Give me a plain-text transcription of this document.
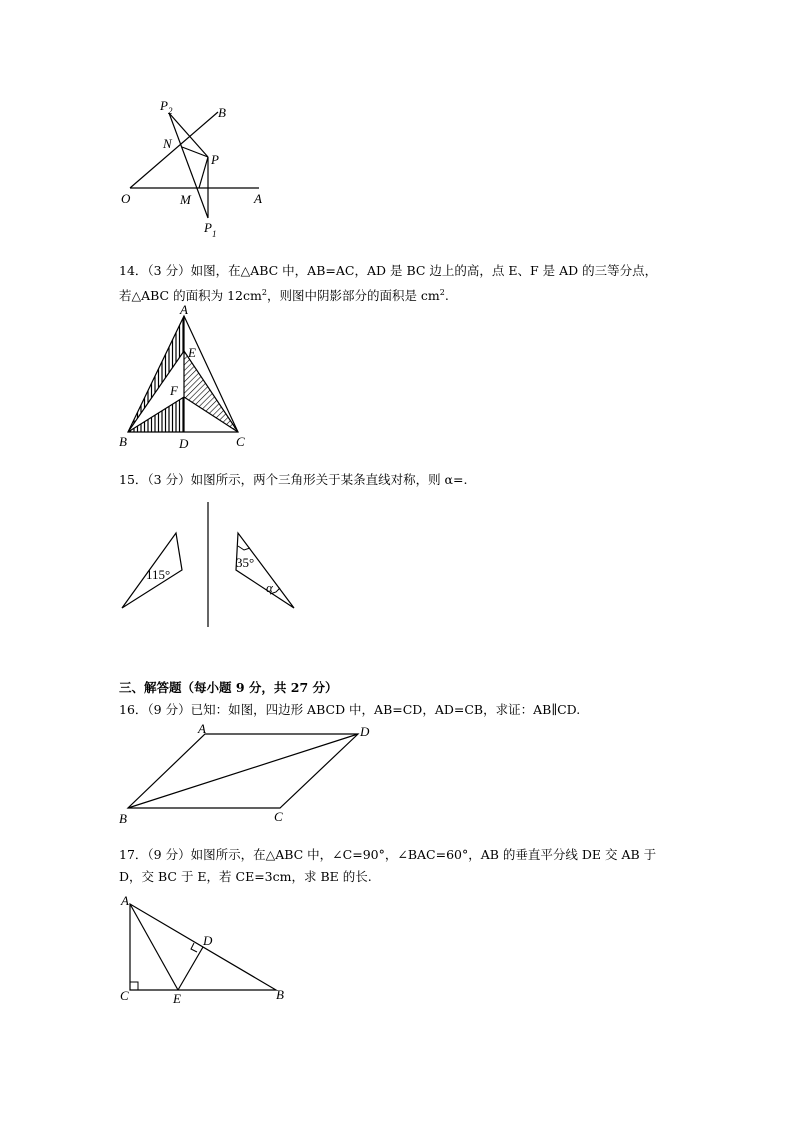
$P_2$	B
N
P
O	M	A
$P_1$
14．（3 分）如图，在△ABC 中，AB=AC，AD 是 BC 边上的高，点 E、F 是 AD 的三等分点，
若△ABC 的面积为 $12cm^2$，则图中阴影部分的面积是 $cm^2$.
A
E
F
B	D	C
15．（3 分）如图所示，两个三角形关于某条直线对称，则 α=.
115°
35°
α
三、解答题（每小题 9 分，共 27 分）
16．（9 分）已知：如图，四边形 ABCD 中，AB=CD，AD=CB，求证：AB∥CD.
A	D
B	C
17．（9 分）如图所示，在△ABC 中，∠C=90°，∠BAC=60°，AB 的垂直平分线 DE 交 AB 于
D，交 BC 于 E，若 CE=3cm，求 BE 的长.
A
D
C	E	B
